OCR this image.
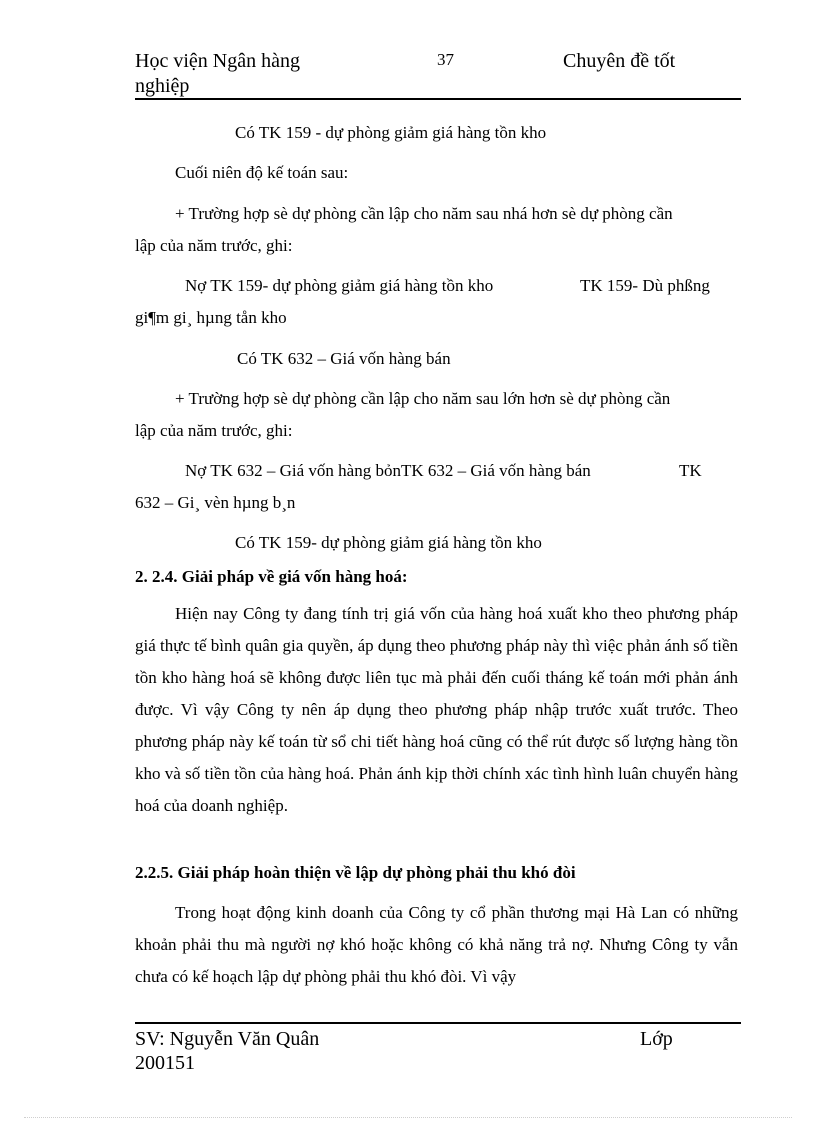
Học viện Ngân hàng
nghiệp
37	Chuyên đề tốt
Có TK 159 - dự phòng giảm giá hàng tồn kho
Cuối niên độ kế toán sau:
+ Trường hợp sè dự phòng cần lập cho năm sau nhá hơn sè dự phòng cần
lập của năm trước, ghi:
Nợ TK 159- dự phòng giảm giá hàng tồn kho	TK 159- Dù phßng
gi¶m gi¸ hµng tån kho
Có TK 632 – Giá vốn hàng bán
+ Trường hợp sè dự phòng cần lập cho năm sau lớn hơn sè dự phòng cần
lập của năm trước, ghi:
Nợ TK 632 – Giá vốn hàng bỏnTK 632 – Giá vốn hàng bán	TK
632 – Gi¸ vèn hµng b¸n
Có TK 159- dự phòng giảm giá hàng tồn kho
2. 2.4. Giải pháp về giá vốn hàng hoá:

Hiện nay Công ty đang tính trị giá vốn của hàng hoá xuất kho theo phương pháp giá thực tế bình quân gia quyền, áp dụng theo phương pháp này thì việc phản ánh số tiền tồn kho hàng hoá sẽ không được liên tục mà phải đến cuối tháng kế toán mới phản ánh được. Vì vậy Công ty nên áp dụng theo phương pháp nhập trước xuất trước. Theo phương pháp này kế toán từ sổ chi tiết hàng hoá cũng có thể rút được số lượng hàng tồn kho và số tiền tồn của hàng hoá. Phản ánh kịp thời chính xác tình hình luân chuyển hàng hoá của doanh nghiệp.

2.2.5. Giải pháp hoàn thiện về lập dự phòng phải thu khó đòi

Trong hoạt động kinh doanh của Công ty cổ phần thương mại Hà Lan có những khoản phải thu mà người nợ khó hoặc không có khả năng trả nợ. Nhưng Công ty vẫn chưa có kế hoạch lập dự phòng phải thu khó đòi. Vì vậy

SV: Nguyễn Văn Quân
200151
Lớp
